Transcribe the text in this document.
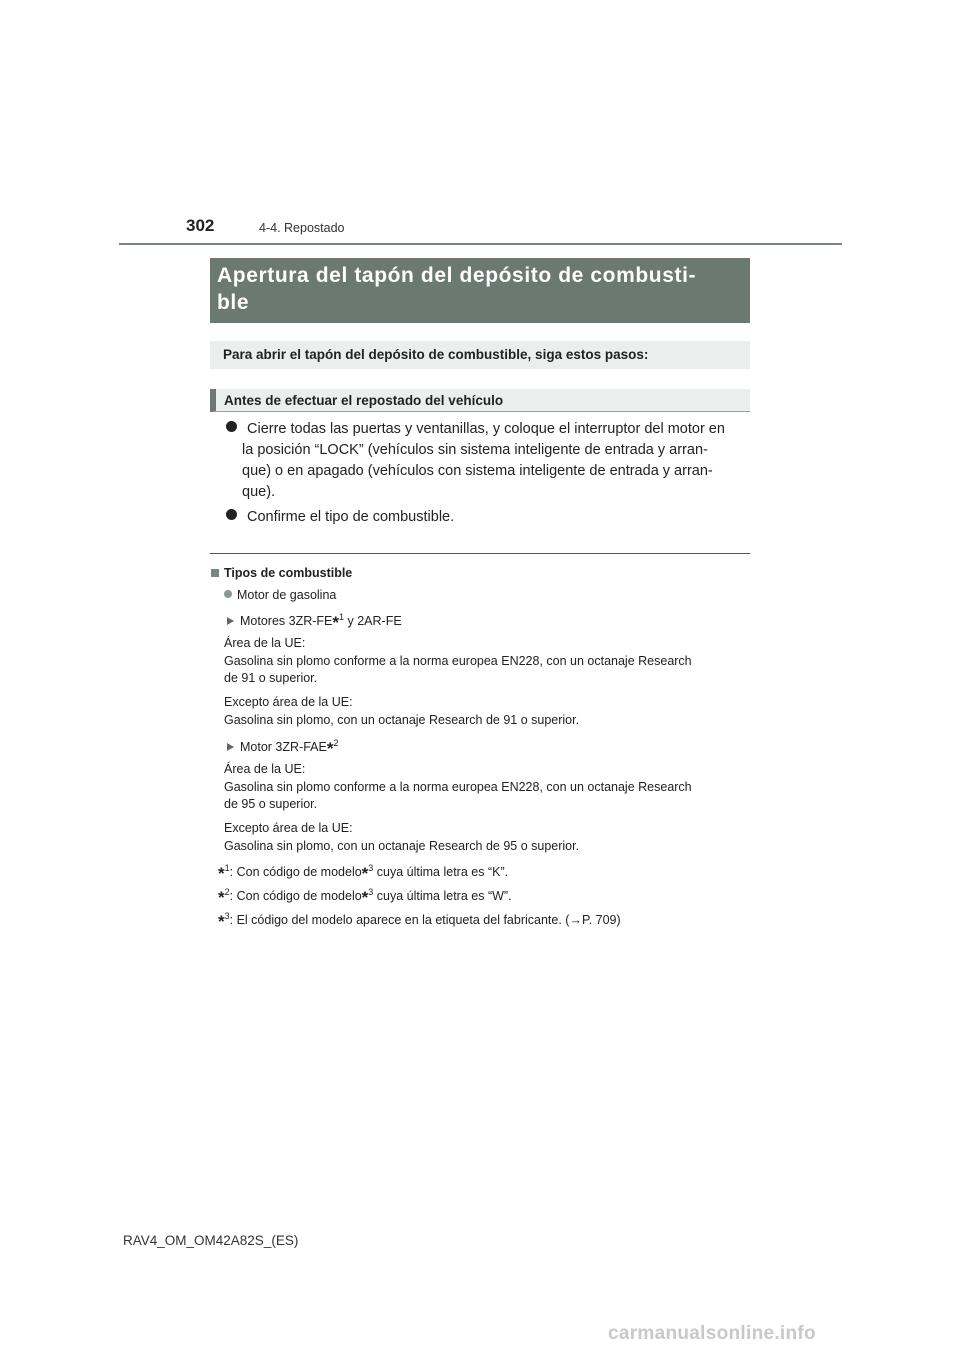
302	4-4. Repostado
Apertura del tapón del depósito de combusti-
ble
Para abrir el tapón del depósito de combustible, siga estos pasos:
Antes de efectuar el repostado del vehículo
Cierre todas las puertas y ventanillas, y coloque el interruptor del motor en
la posición “LOCK” (vehículos sin sistema inteligente de entrada y arran-
que) o en apagado (vehículos con sistema inteligente de entrada y arran-
que).
Confirme el tipo de combustible.
Tipos de combustible
Motor de gasolina
Motores 3ZR-FE*$^1$ y 2AR-FE
Área de la UE:
Gasolina sin plomo conforme a la norma europea EN228, con un octanaje Research
de 91 o superior.
Excepto área de la UE:
Gasolina sin plomo, con un octanaje Research de 91 o superior.
Motor 3ZR-FAE*$^2$
Área de la UE:
Gasolina sin plomo conforme a la norma europea EN228, con un octanaje Research
de 95 o superior.
Excepto área de la UE:
Gasolina sin plomo, con un octanaje Research de 95 o superior.
*$^1$: Con código de modelo*$^3$ cuya última letra es “K”.
*$^2$: Con código de modelo*$^3$ cuya última letra es “W”.
*$^3$: El código del modelo aparece en la etiqueta del fabricante. (→P. 709)
RAV4_OM_OM42A82S_(ES)
carmanualsonline.info
